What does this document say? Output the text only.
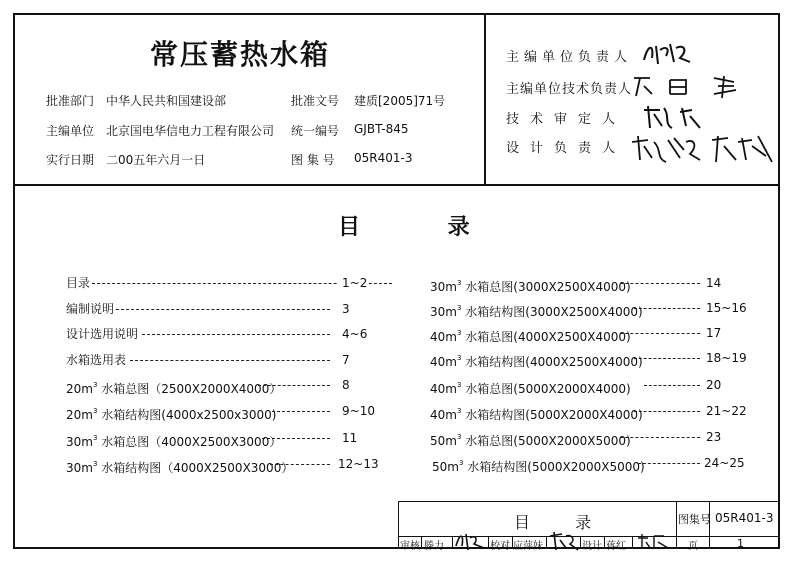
常压蓄热水箱
批准部门 中华人民共和国建设部	批准文号 建质[2005]71号
主编单位 北京国电华信电力工程有限公司 统一编号 GJBT-845
实行日期 二00五年六月一日	图 集 号 05R401-3
主编单位负责人
主编单位技术负责人
技术审定人
设计负责人
目 录
目录	1~2
编制说明	3
设计选用说明	4~6
水箱选用表	7
$20m^3$ 水箱总图（2500X2000X4000）	8
$20m^3$ 水箱结构图(4000x2500x3000)	9~10
$30m^3$ 水箱总图（4000X2500X3000）	11
$30m^3$ 水箱结构图（4000X2500X3000）	12~13
$30m^3$ 水箱总图(3000X2500X4000)	14
$30m^3$ 水箱结构图(3000X2500X4000)	15~16
$40m^3$ 水箱总图(4000X2500X4000)	17
$40m^3$ 水箱结构图(4000X2500X4000)	18~19
$40m^3$ 水箱总图(5000X2000X4000)	20
$40m^3$ 水箱结构图(5000X2000X4000)	21~22
$50m^3$ 水箱总图(5000X2000X5000)	23
$50m^3$ 水箱结构图(5000X2000X5000)	24~25
目 录	图集号 05R401-3
审核 滕力	校对 应萍妹	设计 蒋红	页	1
